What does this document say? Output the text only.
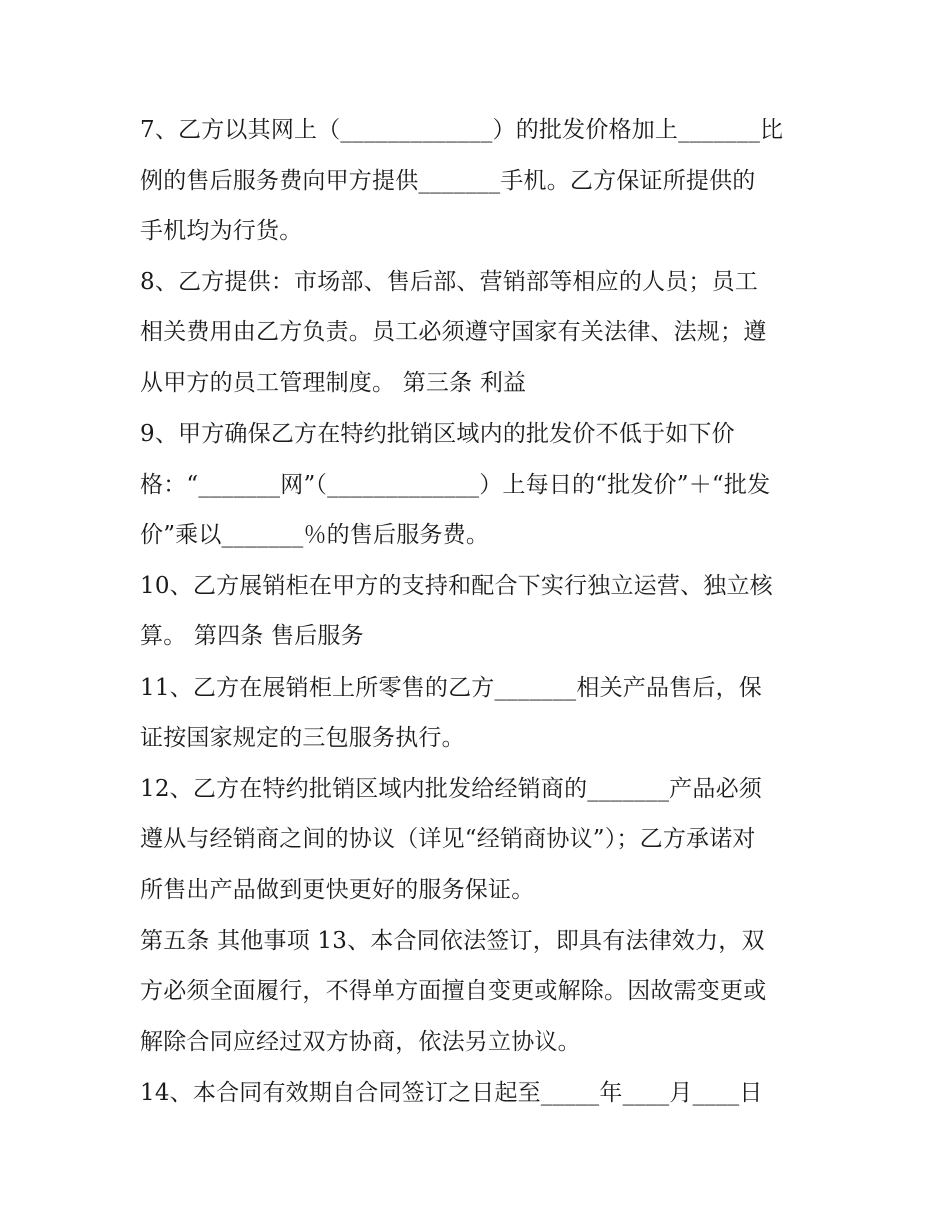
7、乙方以其网上（_____________）的批发价格加上_______比
例的售后服务费向甲方提供_______手机。乙方保证所提供的
手机均为行货。
8、乙方提供：市场部、售后部、营销部等相应的人员；员工
相关费用由乙方负责。员工必须遵守国家有关法律、法规；遵
从甲方的员工管理制度。 第三条 利益
9、甲方确保乙方在特约批销区域内的批发价不低于如下价
格：“_______网”（_____________）上每日的“批发价”＋“批发
价”乘以_______％的售后服务费。
10、乙方展销柜在甲方的支持和配合下实行独立运营、独立核
算。 第四条 售后服务
11、乙方在展销柜上所零售的乙方_______相关产品售后，保
证按国家规定的三包服务执行。
12、乙方在特约批销区域内批发给经销商的_______产品必须
遵从与经销商之间的协议（详见“经销商协议”）；乙方承诺对
所售出产品做到更快更好的服务保证。
第五条 其他事项 13、本合同依法签订，即具有法律效力，双
方必须全面履行，不得单方面擅自变更或解除。因故需变更或
解除合同应经过双方协商，依法另立协议。
14、本合同有效期自合同签订之日起至_____年____月____日
